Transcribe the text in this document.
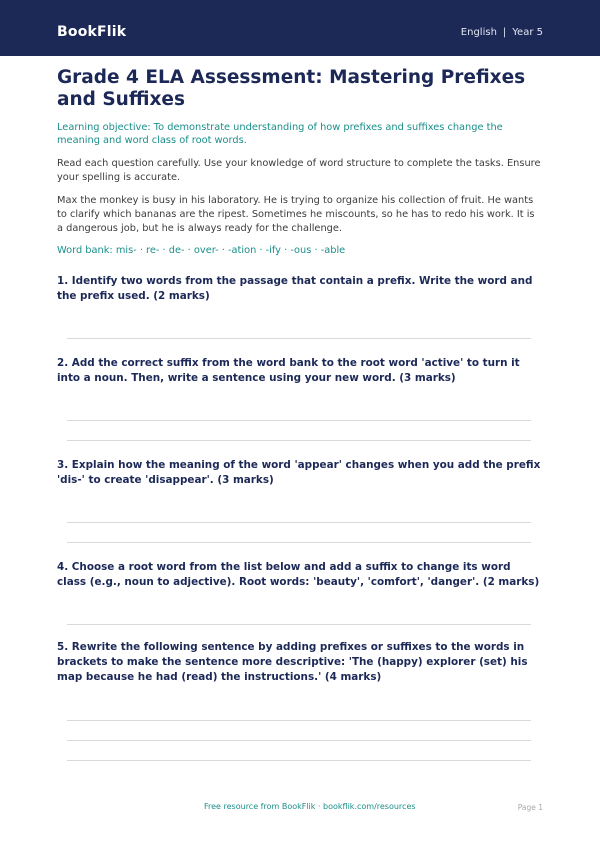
BookFlik	English | Year 5
Grade 4 ELA Assessment: Mastering Prefixes and Suffixes
Learning objective: To demonstrate understanding of how prefixes and suffixes change the meaning and word class of root words.
Read each question carefully. Use your knowledge of word structure to complete the tasks. Ensure your spelling is accurate.
Max the monkey is busy in his laboratory. He is trying to organize his collection of fruit. He wants to clarify which bananas are the ripest. Sometimes he miscounts, so he has to redo his work. It is a dangerous job, but he is always ready for the challenge.
Word bank: mis- · re- · de- · over- · -ation · -ify · -ous · -able
1. Identify two words from the passage that contain a prefix. Write the word and the prefix used. (2 marks)
2. Add the correct suffix from the word bank to the root word 'active' to turn it into a noun. Then, write a sentence using your new word. (3 marks)
3. Explain how the meaning of the word 'appear' changes when you add the prefix 'dis-' to create 'disappear'. (3 marks)
4. Choose a root word from the list below and add a suffix to change its word class (e.g., noun to adjective). Root words: 'beauty', 'comfort', 'danger'. (2 marks)
5. Rewrite the following sentence by adding prefixes or suffixes to the words in brackets to make the sentence more descriptive: 'The (happy) explorer (set) his map because he had (read) the instructions.' (4 marks)
Free resource from BookFlik · bookflik.com/resources	Page 1
